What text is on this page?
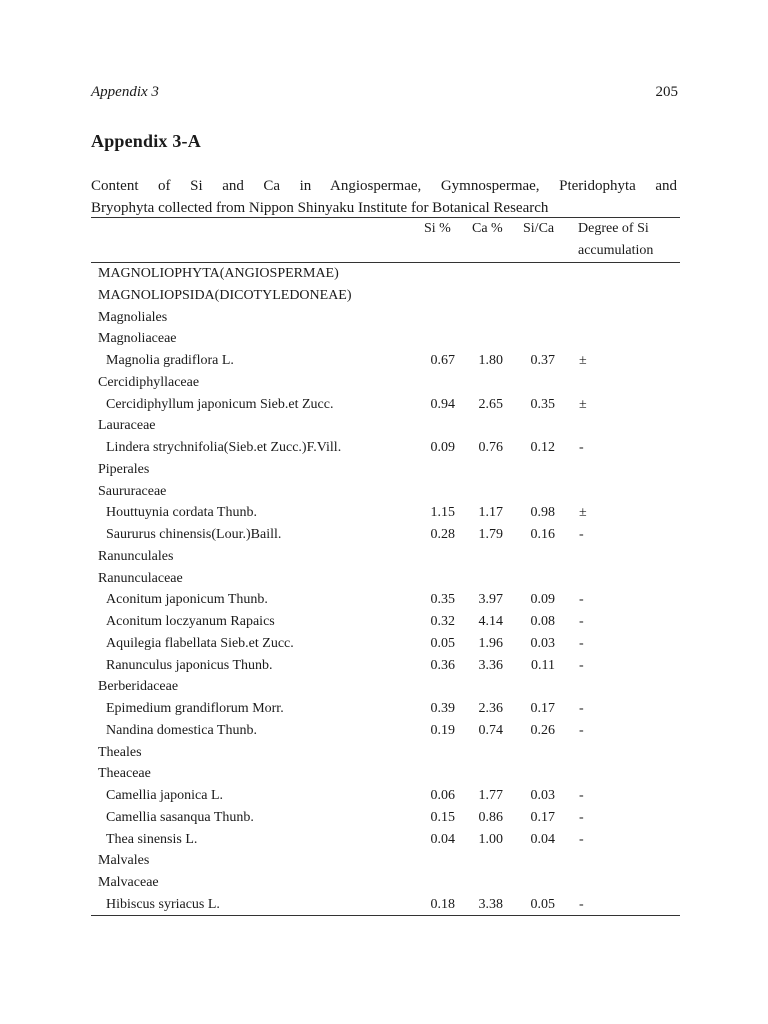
Appendix 3	205
Appendix 3-A
Content of Si and Ca in Angiospermae, Gymnospermae, Pteridophyta and
Bryophyta collected from Nippon Shinyaku Institute for Botanical Research
Si % Ca % Si/Ca Degree of Si
accumulation
MAGNOLIOPHYTA(ANGIOSPERMAE)
MAGNOLIOPSIDA(DICOTYLEDONEAE)
Magnoliales
Magnoliaceae
Magnolia gradiflora L.	0.67	1.80	0.37 ±
Cercidiphyllaceae
Cercidiphyllum japonicum Sieb.et Zucc.	0.94	2.65	0.35 ±
Lauraceae
Lindera strychnifolia(Sieb.et Zucc.)F.Vill.	0.09	0.76	0.12 -
Piperales
Saururaceae
Houttuynia cordata Thunb.	1.15	1.17	0.98 ±
Saururus chinensis(Lour.)Baill.	0.28	1.79	0.16 -
Ranunculales
Ranunculaceae
Aconitum japonicum Thunb.	0.35	3.97	0.09 -
Aconitum loczyanum Rapaics	0.32	4.14	0.08 -
Aquilegia flabellata Sieb.et Zucc.	0.05	1.96	0.03 -
Ranunculus japonicus Thunb.	0.36	3.36	0.11 -
Berberidaceae
Epimedium grandiflorum Morr.	0.39	2.36	0.17 -
Nandina domestica Thunb.	0.19	0.74	0.26 -
Theales
Theaceae
Camellia japonica L.	0.06	1.77	0.03 -
Camellia sasanqua Thunb.	0.15	0.86	0.17 -
Thea sinensis L.	0.04	1.00	0.04 -
Malvales
Malvaceae
Hibiscus syriacus L.	0.18	3.38	0.05 -
